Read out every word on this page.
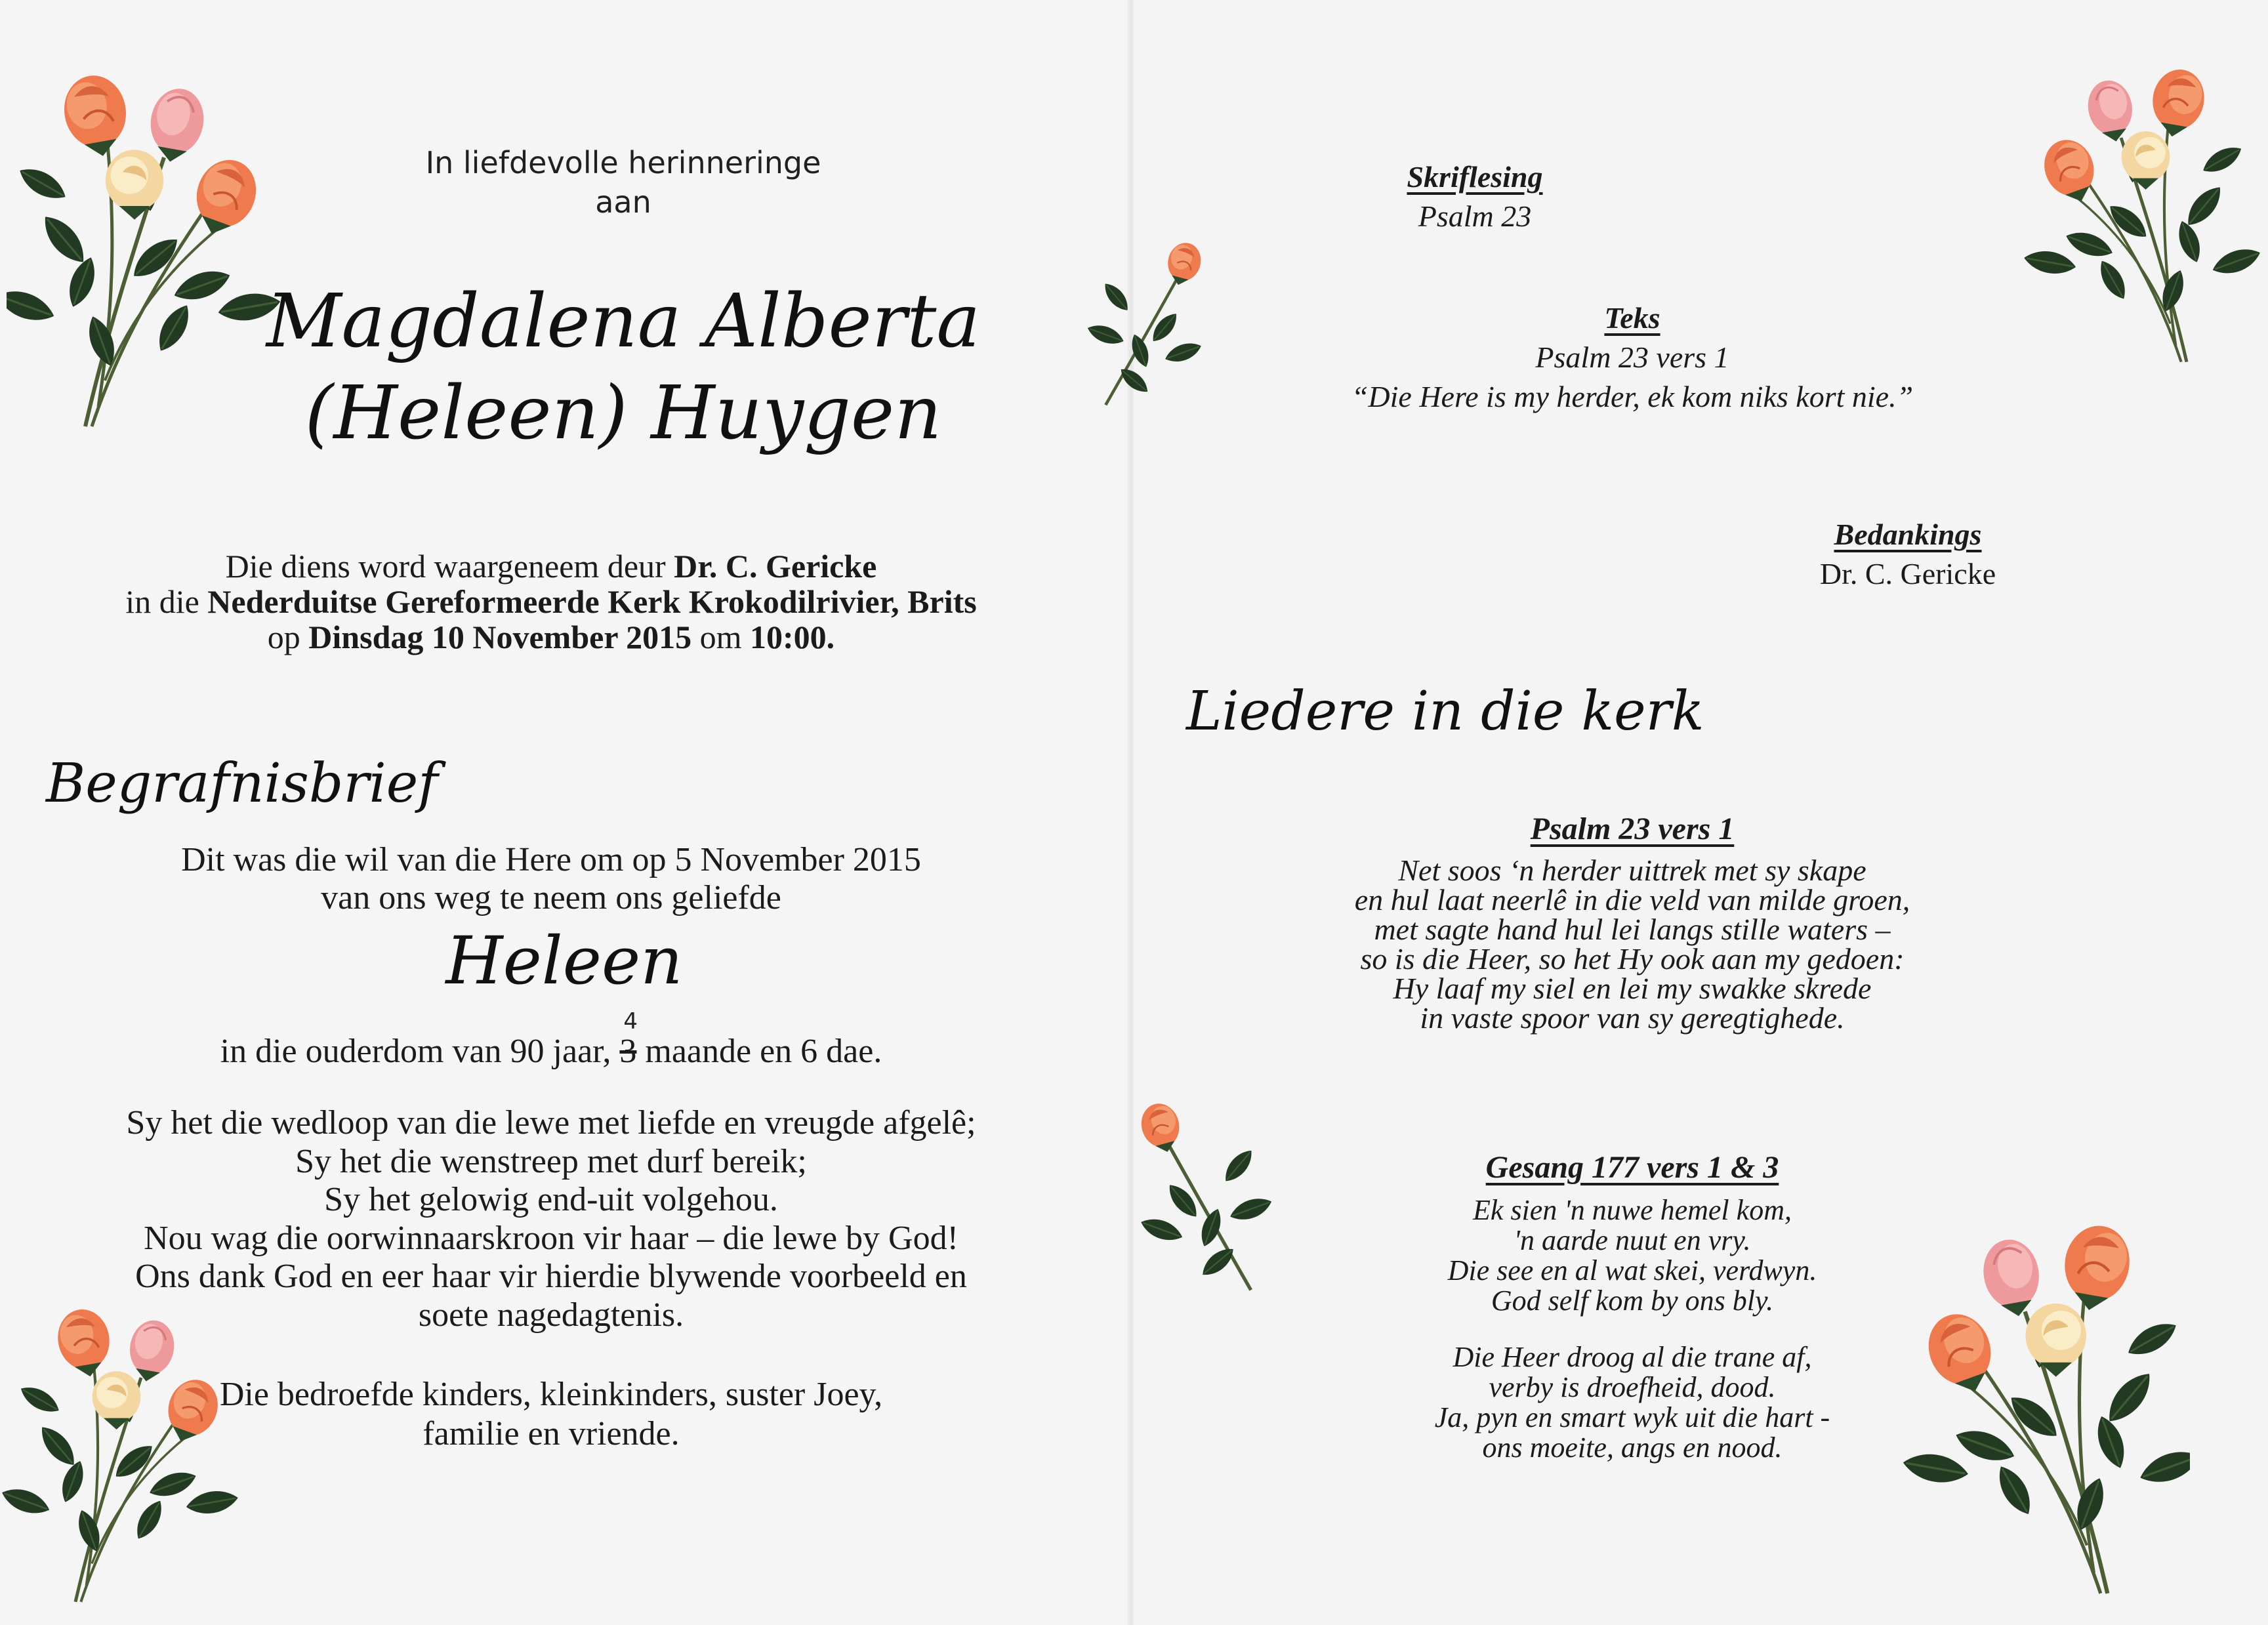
In liefdevolle herinneringe
aan
Magdalena Alberta
(Heleen) Huygen
Die diens word waargeneem deur Dr. C. Gericke
in die Nederduitse Gereformeerde Kerk Krokodilrivier, Brits
op Dinsdag 10 November 2015 om 10:00.
Begrafnisbrief
Dit was die wil van die Here om op 5 November 2015
van ons weg te neem ons geliefde
Heleen
in die ouderdom van 90 jaar, 3
4
maande en 6 dae.
Sy het die wedloop van die lewe met liefde en vreugde afgelê;
Sy het die wenstreep met durf bereik;
Sy het gelowig end-uit volgehou.
Nou wag die oorwinnaarskroon vir haar – die lewe by God!
Ons dank God en eer haar vir hierdie blywende voorbeeld en
soete nagedagtenis.
Die bedroefde kinders, kleinkinders, suster Joey,
familie en vriende.
Skriflesing
Psalm 23
Teks
Psalm 23 vers 1
“Die Here is my herder, ek kom niks kort nie.”
Bedankings
Dr. C. Gericke
Liedere in die kerk
Psalm 23 vers 1
Net soos ‘n herder uittrek met sy skape
en hul laat neerlê in die veld van milde groen,
met sagte hand hul lei langs stille waters –
so is die Heer, so het Hy ook aan my gedoen:
Hy laaf my siel en lei my swakke skrede
in vaste spoor van sy geregtighede.
Gesang 177 vers 1 & 3
Ek sien 'n nuwe hemel kom,
'n aarde nuut en vry.
Die see en al wat skei, verdwyn.
God self kom by ons bly.
Die Heer droog al die trane af,
verby is droefheid, dood.
Ja, pyn en smart wyk uit die hart -
ons moeite, angs en nood.
